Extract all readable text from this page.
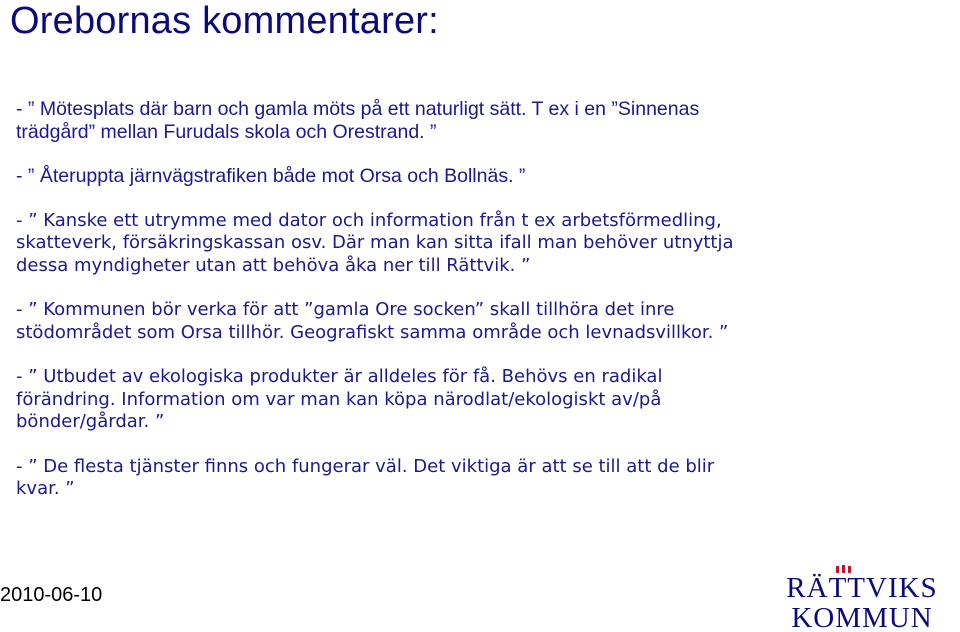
Orebornas kommentarer:
- ” Mötesplats där barn och gamla möts på ett naturligt sätt. T ex i en ”Sinnenas trädgård” mellan Furudals skola och Orestrand. ”
- ” Återuppta järnvägstrafiken både mot Orsa och Bollnäs. ”
- ” Kanske ett utrymme med dator och information från t ex arbetsförmedling, skatteverk, försäkringskassan osv. Där man kan sitta ifall man behöver utnyttja dessa myndigheter utan att behöva åka ner till Rättvik. ”
- ” Kommunen bör verka för att ”gamla Ore socken” skall tillhöra det inre stödområdet som Orsa tillhör. Geografiskt samma område och levnadsvillkor. ”
- ” Utbudet av ekologiska produkter är alldeles för få. Behövs en radikal förändring. Information om var man kan köpa närodlat/ekologiskt av/på bönder/gårdar. ”
- ” De flesta tjänster finns och fungerar väl. Det viktiga är att se till att de blir kvar. ”
2010-06-10	RÄTTVIKS
KOMMUN
